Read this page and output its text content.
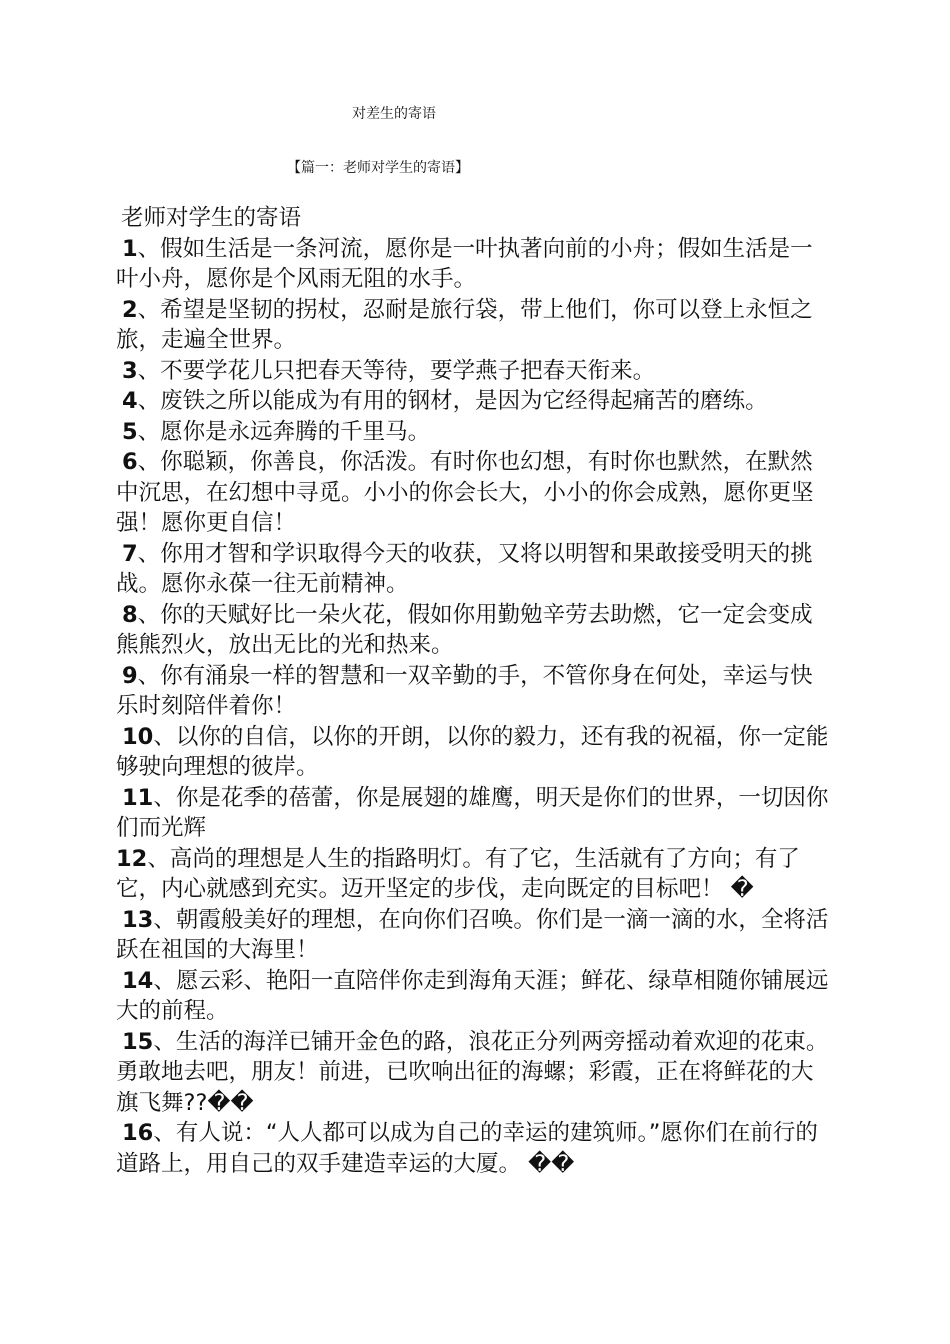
对差生的寄语
【篇一：老师对学生的寄语】
老师对学生的寄语

1、假如生活是一条河流，愿你是一叶执著向前的小舟；假如生活是一叶小舟，愿你是个风雨无阻的水手。

2、希望是坚韧的拐杖，忍耐是旅行袋，带上他们，你可以登上永恒之旅，走遍全世界。

3、不要学花儿只把春天等待，要学燕子把春天衔来。

4、废铁之所以能成为有用的钢材，是因为它经得起痛苦的磨练。

5、愿你是永远奔腾的千里马。

6、你聪颖，你善良，你活泼。有时你也幻想，有时你也默然，在默然中沉思，在幻想中寻觅。小小的你会长大，小小的你会成熟，愿你更坚强！愿你更自信！

7、你用才智和学识取得今天的收获，又将以明智和果敢接受明天的挑战。愿你永葆一往无前精神。

8、你的天赋好比一朵火花，假如你用勤勉辛劳去助燃，它一定会变成熊熊烈火，放出无比的光和热来。

9、你有涌泉一样的智慧和一双辛勤的手，不管你身在何处，幸运与快乐时刻陪伴着你！

10、以你的自信，以你的开朗，以你的毅力，还有我的祝福，你一定能够驶向理想的彼岸。

11、你是花季的蓓蕾，你是展翅的雄鹰，明天是你们的世界，一切因你们而光辉

12、高尚的理想是人生的指路明灯。有了它，生活就有了方向；有了它，内心就感到充实。迈开坚定的步伐，走向既定的目标吧！ �

13、朝霞般美好的理想，在向你们召唤。你们是一滴一滴的水，全将活跃在祖国的大海里！

14、愿云彩、艳阳一直陪伴你走到海角天涯；鲜花、绿草相随你铺展远大的前程。

15、生活的海洋已铺开金色的路，浪花正分列两旁摇动着欢迎的花束。勇敢地去吧，朋友！前进，已吹响出征的海螺；彩霞，正在将鲜花的大旗飞舞??��

16、有人说：“人人都可以成为自己的幸运的建筑师。”愿你们在前行的道路上，用自己的双手建造幸运的大厦。 ��
